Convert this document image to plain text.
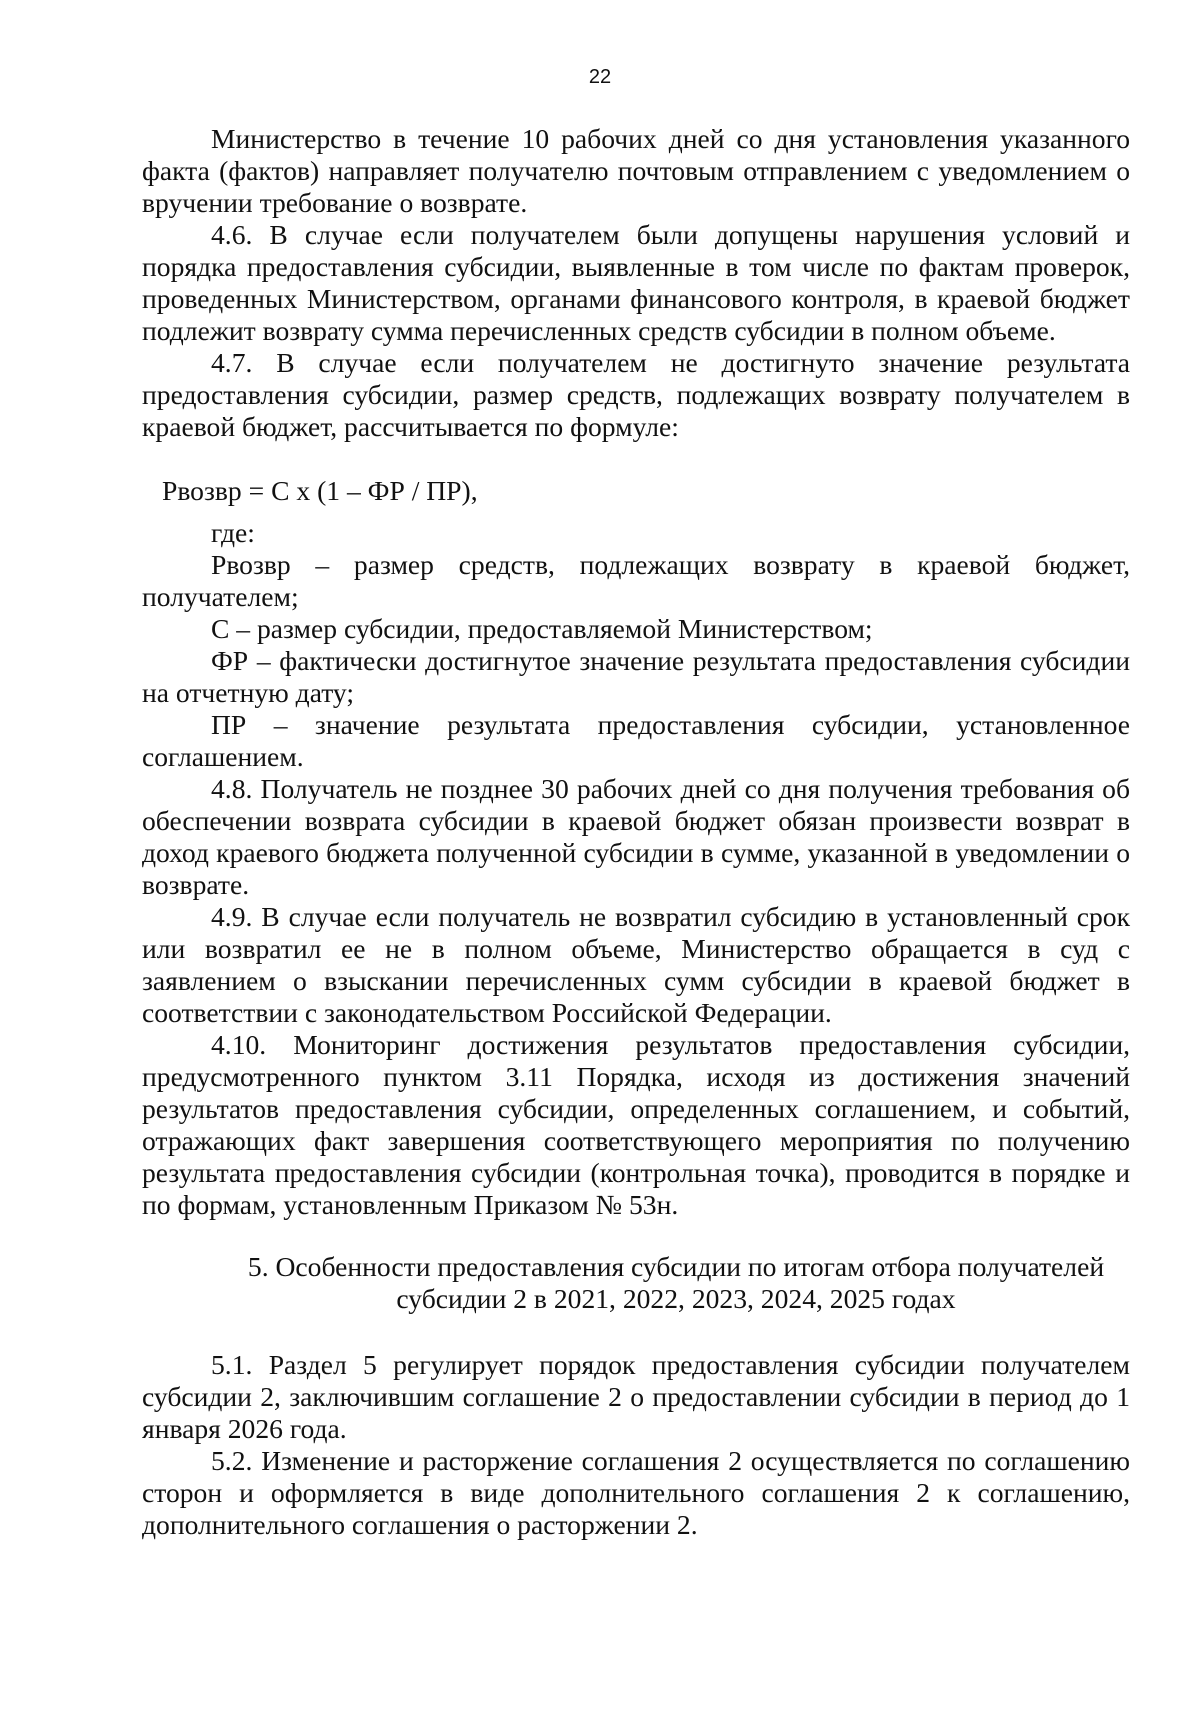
22

Министерство в течение 10 рабочих дней со дня установления указанного факта (фактов) направляет получателю почтовым отправлением с уведомлением о вручении требование о возврате.

4.6. В случае если получателем были допущены нарушения условий и порядка предоставления субсидии, выявленные в том числе по фактам проверок, проведенных Министерством, органами финансового контроля, в краевой бюджет подлежит возврату сумма перечисленных средств субсидии в полном объеме.

4.7. В случае если получателем не достигнуто значение результата предоставления субсидии, размер средств, подлежащих возврату получателем в краевой бюджет, рассчитывается по формуле:

Рвозвр = С х (1 – ФР / ПР),

где:

Рвозвр – размер средств, подлежащих возврату в краевой бюджет, получателем;

С – размер субсидии, предоставляемой Министерством;

ФР – фактически достигнутое значение результата предоставления субсидии на отчетную дату;

ПР – значение результата предоставления субсидии, установленное соглашением.

4.8. Получатель не позднее 30 рабочих дней со дня получения требования об обеспечении возврата субсидии в краевой бюджет обязан произвести возврат в доход краевого бюджета полученной субсидии в сумме, указанной в уведомлении о возврате.

4.9. В случае если получатель не возвратил субсидию в установленный срок или возвратил ее не в полном объеме, Министерство обращается в суд с заявлением о взыскании перечисленных сумм субсидии в краевой бюджет в соответствии с законодательством Российской Федерации.

4.10. Мониторинг достижения результатов предоставления субсидии, предусмотренного пунктом 3.11 Порядка, исходя из достижения значений результатов предоставления субсидии, определенных соглашением, и событий, отражающих факт завершения соответствующего мероприятия по получению результата предоставления субсидии (контрольная точка), проводится в порядке и по формам, установленным Приказом № 53н.

5. Особенности предоставления субсидии по итогам отбора получателей
субсидии 2 в 2021, 2022, 2023, 2024, 2025 годах

5.1. Раздел 5 регулирует порядок предоставления субсидии получателем субсидии 2, заключившим соглашение 2 о предоставлении субсидии в период до 1 января 2026 года.

5.2. Изменение и расторжение соглашения 2 осуществляется по соглашению сторон и оформляется в виде дополнительного соглашения 2 к соглашению, дополнительного соглашения о расторжении 2.
